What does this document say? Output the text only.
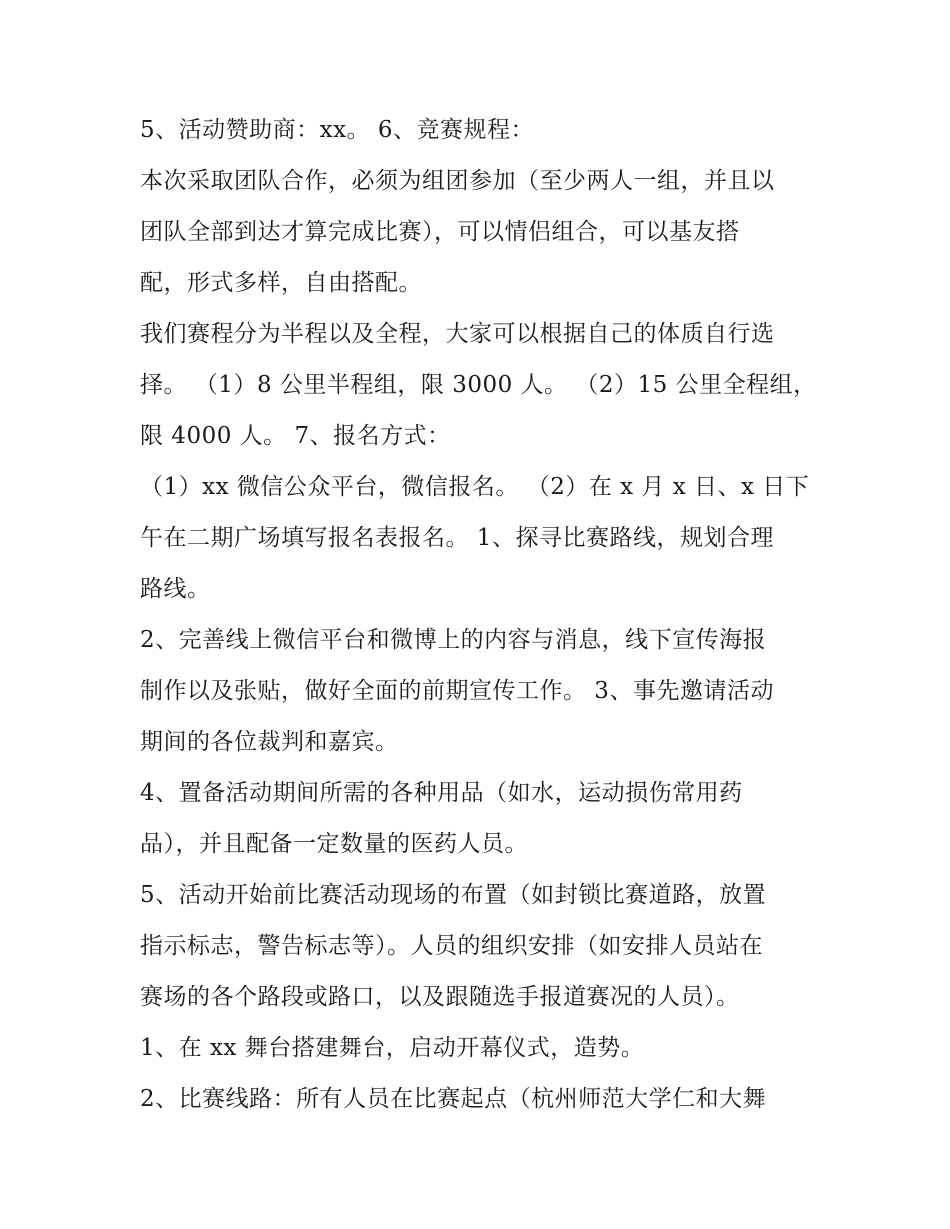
5、活动赞助商：xx。 6、竞赛规程：
本次采取团队合作，必须为组团参加（至少两人一组，并且以
团队全部到达才算完成比赛），可以情侣组合，可以基友搭
配，形式多样，自由搭配。
我们赛程分为半程以及全程，大家可以根据自己的体质自行选
择。 （1）8 公里半程组，限 3000 人。 （2）15 公里全程组，
限 4000 人。 7、报名方式：
（1）xx 微信公众平台，微信报名。 （2）在 x 月 x 日、x 日下
午在二期广场填写报名表报名。 1、探寻比赛路线，规划合理
路线。
2、完善线上微信平台和微博上的内容与消息，线下宣传海报
制作以及张贴，做好全面的前期宣传工作。 3、事先邀请活动
期间的各位裁判和嘉宾。
4、置备活动期间所需的各种用品（如水，运动损伤常用药
品），并且配备一定数量的医药人员。
5、活动开始前比赛活动现场的布置（如封锁比赛道路，放置
指示标志，警告标志等）。人员的组织安排（如安排人员站在
赛场的各个路段或路口，以及跟随选手报道赛况的人员）。
1、在 xx 舞台搭建舞台，启动开幕仪式，造势。
2、比赛线路：所有人员在比赛起点（杭州师范大学仁和大舞
